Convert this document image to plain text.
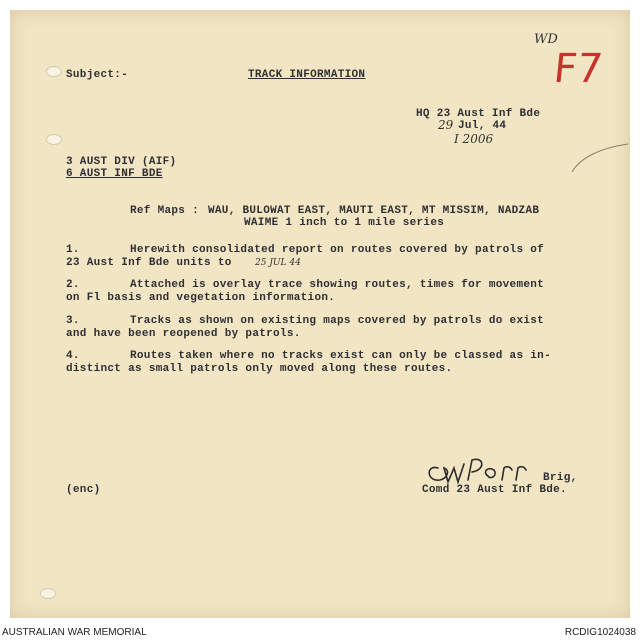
WD
F7
Subject:-	TRACK INFORMATION
HQ 23 Aust Inf Bde
29 Jul, 44
I 2006
3 AUST DIV (AIF)
6 AUST INF BDE
Ref Maps : WAU, BULOWAT EAST, MAUTI EAST, MT MISSIM, NADZAB
WAIME 1 inch to 1 mile series
1.	Herewith consolidated report on routes covered by patrols of
23 Aust Inf Bde units to	25 JUL 44
2.	Attached is overlay trace showing routes, times for movement
on Fl basis and vegetation information.
3.	Tracks as shown on existing maps covered by patrols do exist
and have been reopened by patrols.
4.	Routes taken where no tracks exist can only be classed as in-
distinct as small patrols only moved along these routes.
Brig,
Comd 23 Aust Inf Bde.
(enc)
AUSTRALIAN WAR MEMORIAL	RCDIG1024038
